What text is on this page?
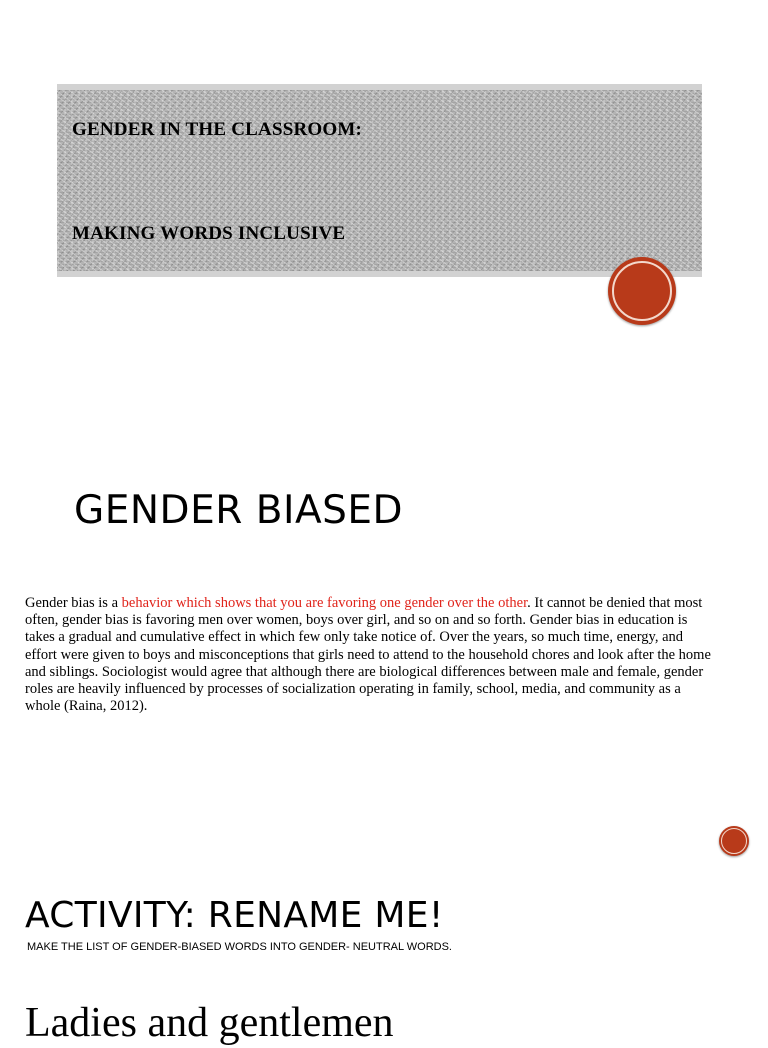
GENDER IN THE CLASSROOM:
MAKING WORDS INCLUSIVE
GENDER BIASED

Gender bias is a behavior which shows that you are favoring one gender over the other. It cannot be denied that most often, gender bias is favoring men over women, boys over girl, and so on and so forth. Gender bias in education is takes a gradual and cumulative effect in which few only take notice of. Over the years, so much time, energy, and effort were given to boys and misconceptions that girls need to attend to the household chores and look after the home and siblings. Sociologist would agree that although there are biological differences between male and female, gender roles are heavily influenced by processes of socialization operating in family, school, media, and community as a whole (Raina, 2012).

ACTIVITY: RENAME ME!

MAKE THE LIST OF GENDER-BIASED WORDS INTO GENDER- NEUTRAL WORDS.

Ladies and gentlemen
